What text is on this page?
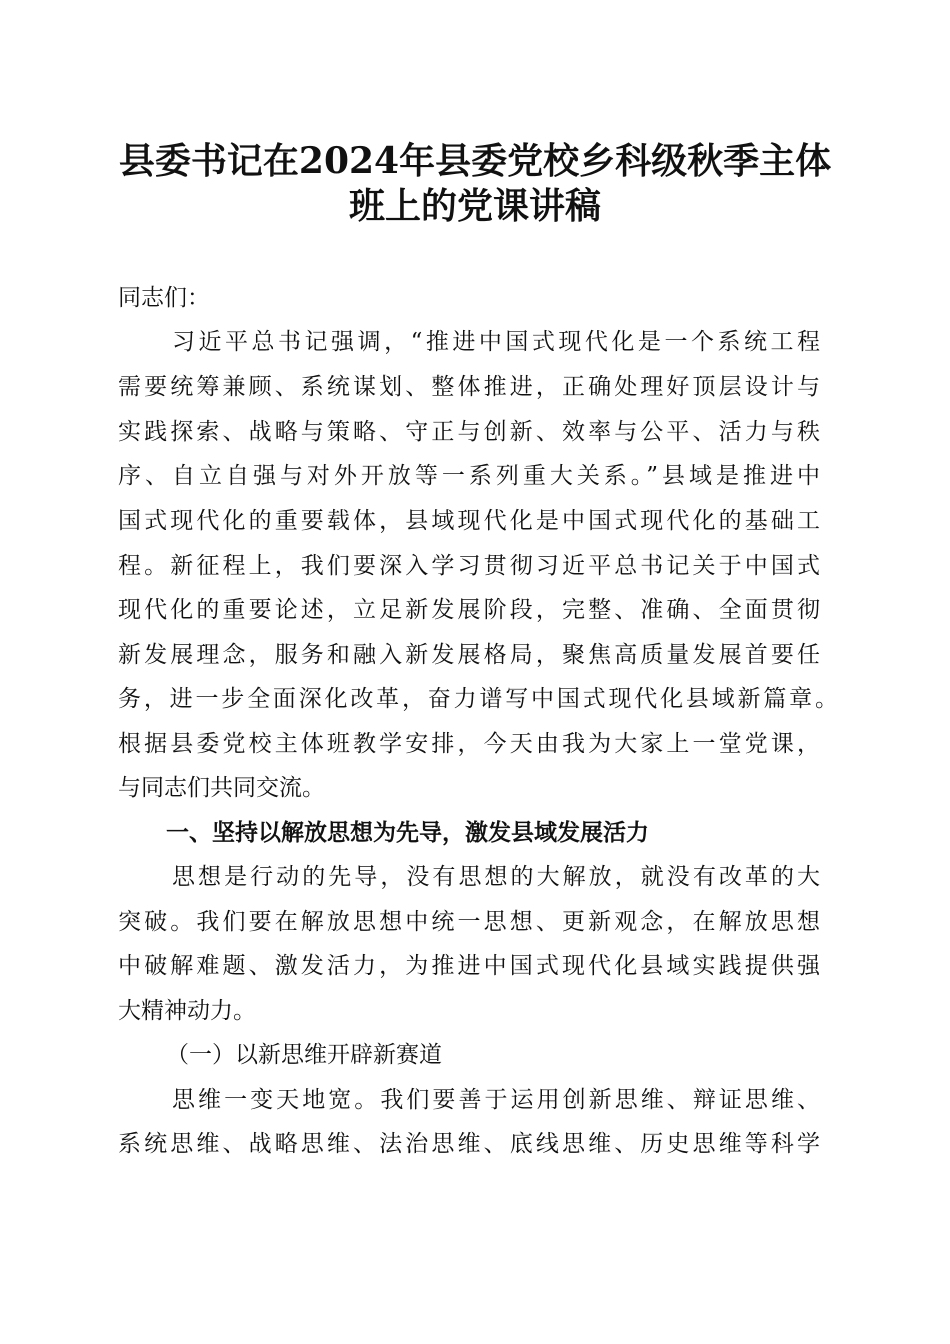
县委书记在2024年县委党校乡科级秋季主体
班上的党课讲稿
同志们：
习近平总书记强调，“推进中国式现代化是一个系统工程
需要统筹兼顾、系统谋划、整体推进，正确处理好顶层设计与
实践探索、战略与策略、守正与创新、效率与公平、活力与秩
序、自立自强与对外开放等一系列重大关系。”县域是推进中
国式现代化的重要载体，县域现代化是中国式现代化的基础工
程。新征程上，我们要深入学习贯彻习近平总书记关于中国式
现代化的重要论述，立足新发展阶段，完整、准确、全面贯彻
新发展理念，服务和融入新发展格局，聚焦高质量发展首要任
务，进一步全面深化改革，奋力谱写中国式现代化县域新篇章。
根据县委党校主体班教学安排，今天由我为大家上一堂党课，
与同志们共同交流。
一、坚持以解放思想为先导，激发县域发展活力
思想是行动的先导，没有思想的大解放，就没有改革的大
突破。我们要在解放思想中统一思想、更新观念，在解放思想
中破解难题、激发活力，为推进中国式现代化县域实践提供强
大精神动力。
（一）以新思维开辟新赛道
思维一变天地宽。我们要善于运用创新思维、辩证思维、
系统思维、战略思维、法治思维、底线思维、历史思维等科学
